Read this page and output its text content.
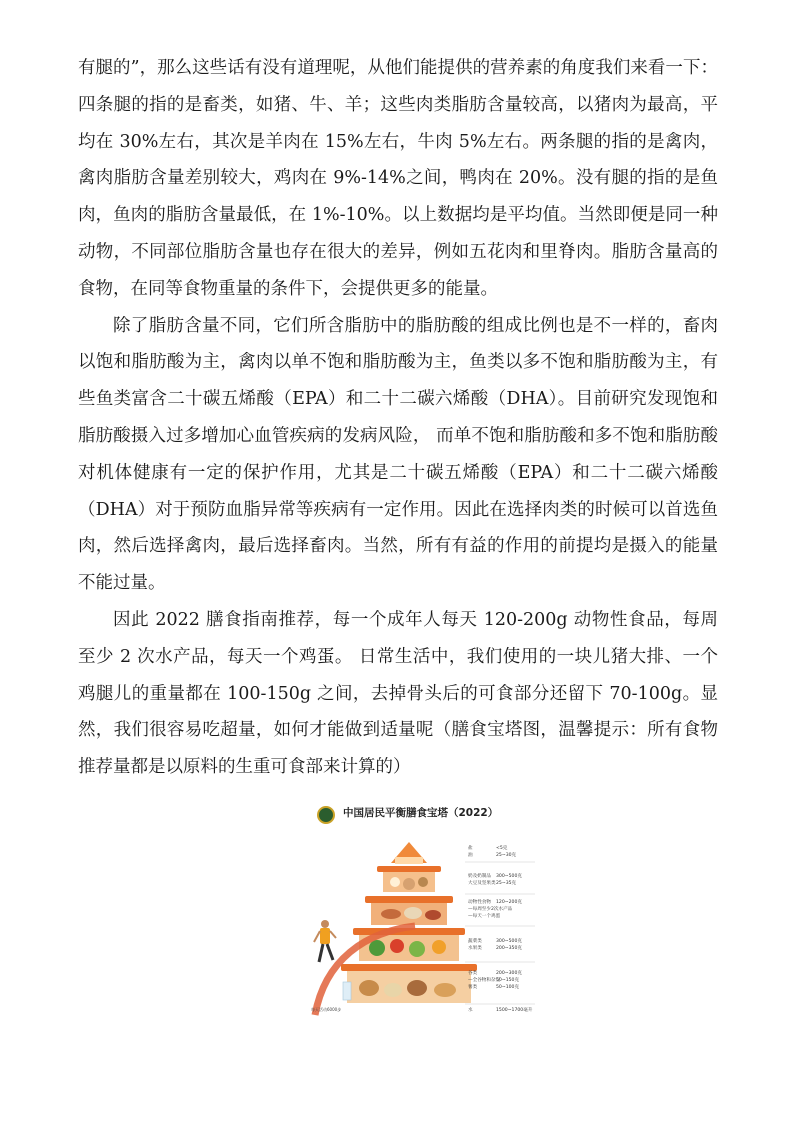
有腿的”，那么这些话有没有道理呢，从他们能提供的营养素的角度我们来看一下：四条腿的指的是畜类，如猪、牛、羊；这些肉类脂肪含量较高，以猪肉为最高，平均在 30%左右，其次是羊肉在 15%左右，牛肉 5%左右。两条腿的指的是禽肉，禽肉脂肪含量差别较大，鸡肉在 9%-14%之间，鸭肉在 20%。没有腿的指的是鱼肉，鱼肉的脂肪含量最低，在 1%-10%。以上数据均是平均值。当然即便是同一种动物，不同部位脂肪含量也存在很大的差异，例如五花肉和里脊肉。脂肪含量高的食物，在同等食物重量的条件下，会提供更多的能量。

除了脂肪含量不同，它们所含脂肪中的脂肪酸的组成比例也是不一样的，畜肉以饱和脂肪酸为主，禽肉以单不饱和脂肪酸为主，鱼类以多不饱和脂肪酸为主，有些鱼类富含二十碳五烯酸（EPA）和二十二碳六烯酸（DHA）。目前研究发现饱和脂肪酸摄入过多增加心血管疾病的发病风险， 而单不饱和脂肪酸和多不饱和脂肪酸对机体健康有一定的保护作用，尤其是二十碳五烯酸（EPA）和二十二碳六烯酸（DHA）对于预防血脂异常等疾病有一定作用。因此在选择肉类的时候可以首选鱼肉，然后选择禽肉，最后选择畜肉。当然，所有有益的作用的前提均是摄入的能量不能过量。

因此 2022 膳食指南推荐，每一个成年人每天 120-200g 动物性食品，每周至少 2 次水产品，每天一个鸡蛋。 日常生活中，我们使用的一块儿猪大排、一个鸡腿儿的重量都在 100-150g 之间，去掉骨头后的可食部分还留下 70-100g。显然，我们很容易吃超量，如何才能做到适量呢（膳食宝塔图，温馨提示：所有食物推荐量都是以原料的生重可食部来计算的）

中国居民平衡膳食宝塔（2022）
盐	<5克
油	25~30克
奶及奶制品 300~500克
大豆及坚果类 25~35克
动物性食物 120~200克
—每周至少2次水产品
—每天一个鸡蛋
蔬菜类	300~500克
水果类	200~350克
谷类	200~300克
—全谷物和杂豆
50~150克
薯类	50~100克
水	1500~1700毫升
每天活动6000步
